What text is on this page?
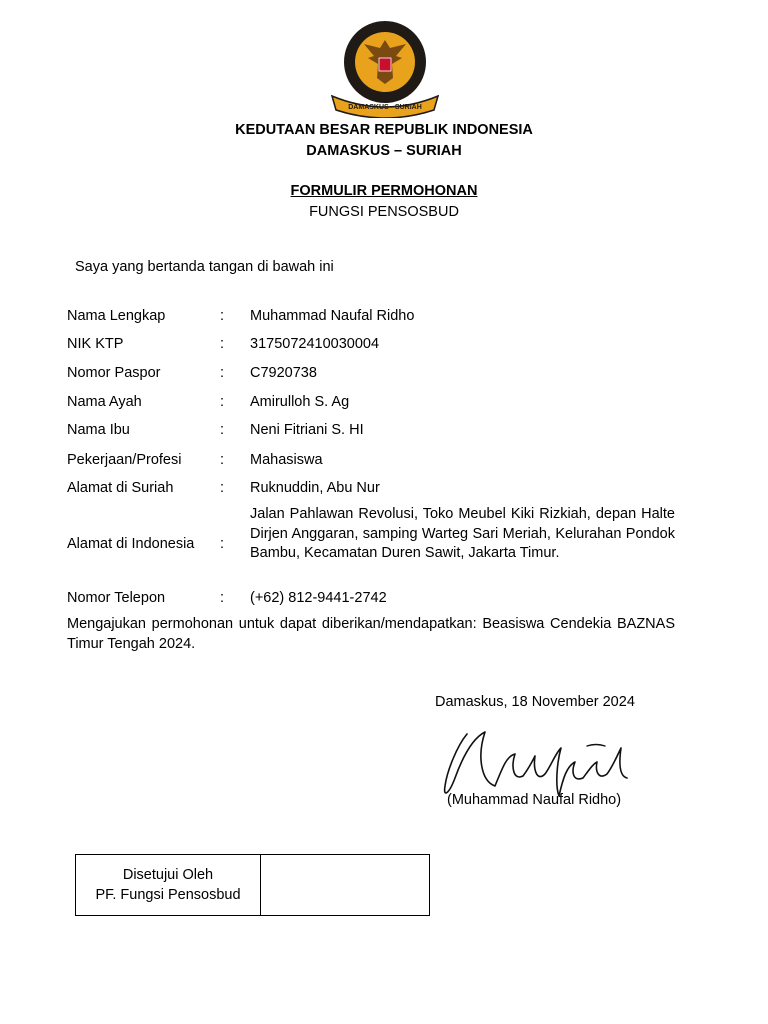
DAMASKUS - SURIAH
KEDUTAAN BESAR REPUBLIK INDONESIA
DAMASKUS – SURIAH
FORMULIR PERMOHONAN
FUNGSI PENSOSBUD
Saya yang bertanda tangan di bawah ini
Nama Lengkap	: Muhammad Naufal Ridho
NIK KTP	: 3175072410030004
Nomor Paspor	: C7920738
Nama Ayah	: Amirulloh S. Ag
Nama Ibu	: Neni Fitriani S. HI
Pekerjaan/Profesi	: Mahasiswa
Alamat di Suriah	: Ruknuddin, Abu Nur
Alamat di Indonesia :
Jalan Pahlawan Revolusi, Toko Meubel Kiki Rizkiah, depan Halte Dirjen Anggaran, samping Warteg Sari Meriah, Kelurahan Pondok Bambu, Kecamatan Duren Sawit, Jakarta Timur.
Nomor Telepon	: (+62) 812-9441-2742
Mengajukan permohonan untuk dapat diberikan/mendapatkan: Beasiswa Cendekia BAZNAS Timur Tengah 2024.
Damaskus, 18 November 2024
(Muhammad Naufal Ridho)
Disetujui Oleh
PF. Fungsi Pensosbud
